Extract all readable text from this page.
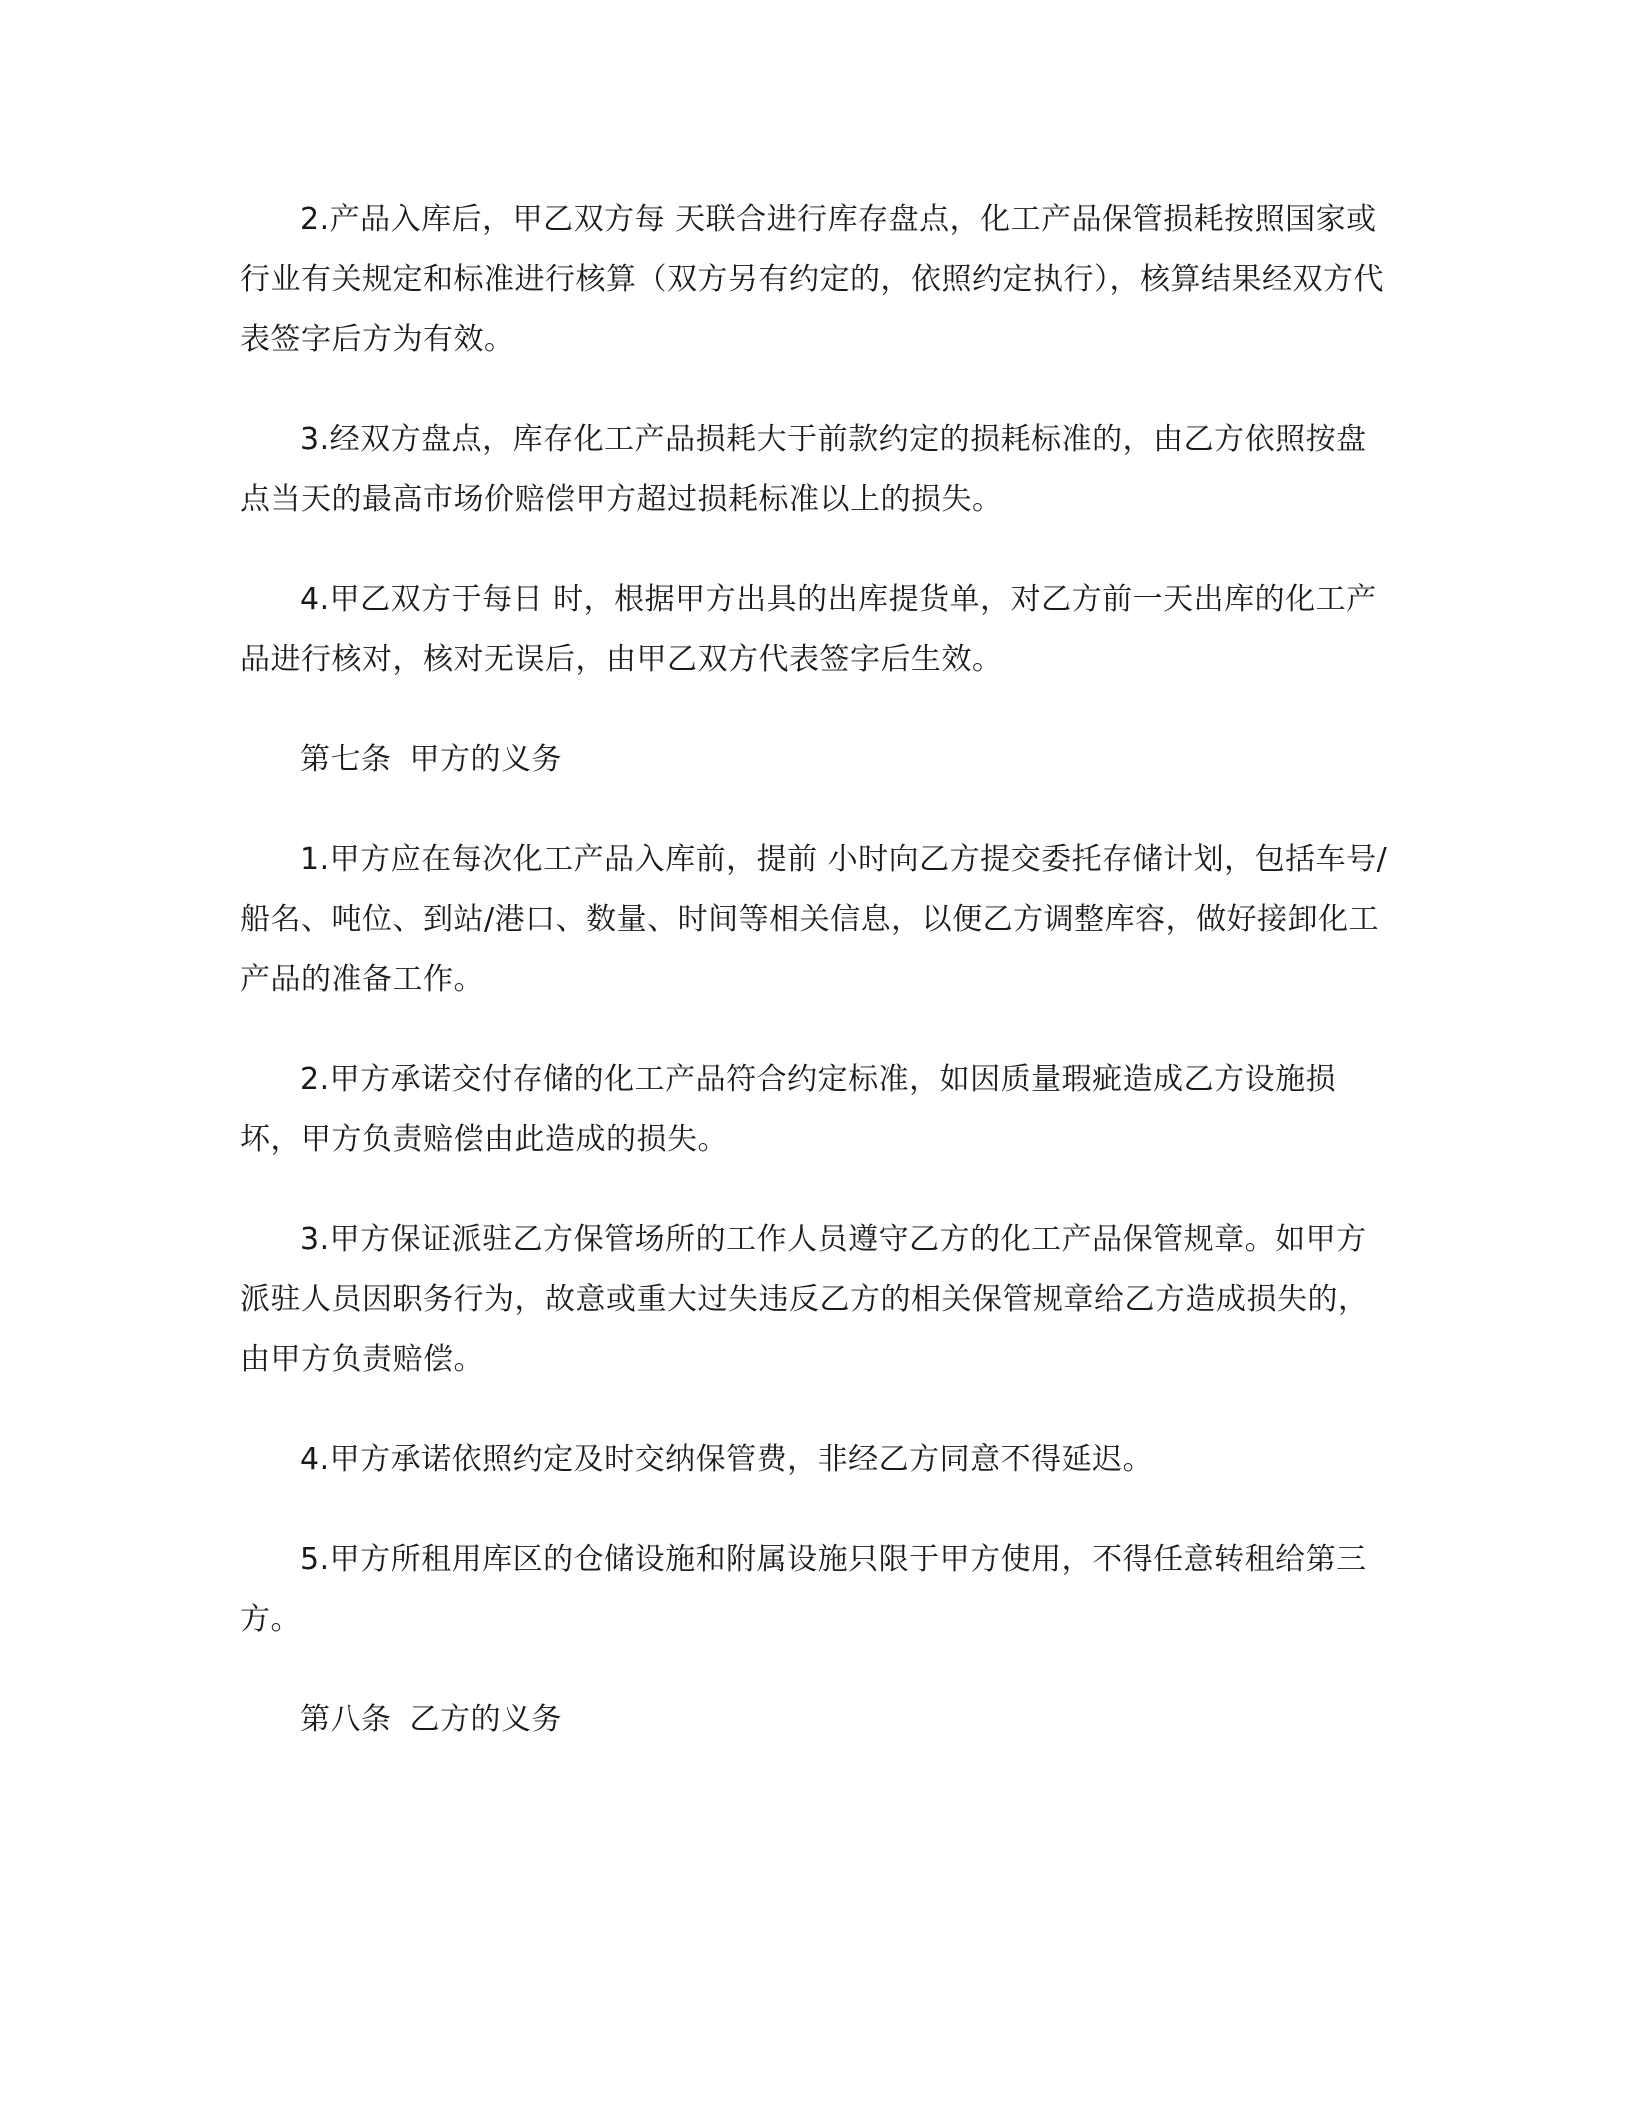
2.产品入库后，甲乙双方每 天联合进行库存盘点，化工产品保管损耗按照国家或行业有关规定和标准进行核算（双方另有约定的，依照约定执行），核算结果经双方代表签字后方为有效。

3.经双方盘点，库存化工产品损耗大于前款约定的损耗标准的，由乙方依照按盘点当天的最高市场价赔偿甲方超过损耗标准以上的损失。

4.甲乙双方于每日 时，根据甲方出具的出库提货单，对乙方前一天出库的化工产品进行核对，核对无误后，由甲乙双方代表签字后生效。

第七条 甲方的义务

1.甲方应在每次化工产品入库前，提前 小时向乙方提交委托存储计划，包括车号/船名、吨位、到站/港口、数量、时间等相关信息，以便乙方调整库容，做好接卸化工产品的准备工作。

2.甲方承诺交付存储的化工产品符合约定标准，如因质量瑕疵造成乙方设施损坏，甲方负责赔偿由此造成的损失。

3.甲方保证派驻乙方保管场所的工作人员遵守乙方的化工产品保管规章。如甲方派驻人员因职务行为，故意或重大过失违反乙方的相关保管规章给乙方造成损失的，由甲方负责赔偿。

4.甲方承诺依照约定及时交纳保管费，非经乙方同意不得延迟。

5.甲方所租用库区的仓储设施和附属设施只限于甲方使用，不得任意转租给第三方。

第八条 乙方的义务
